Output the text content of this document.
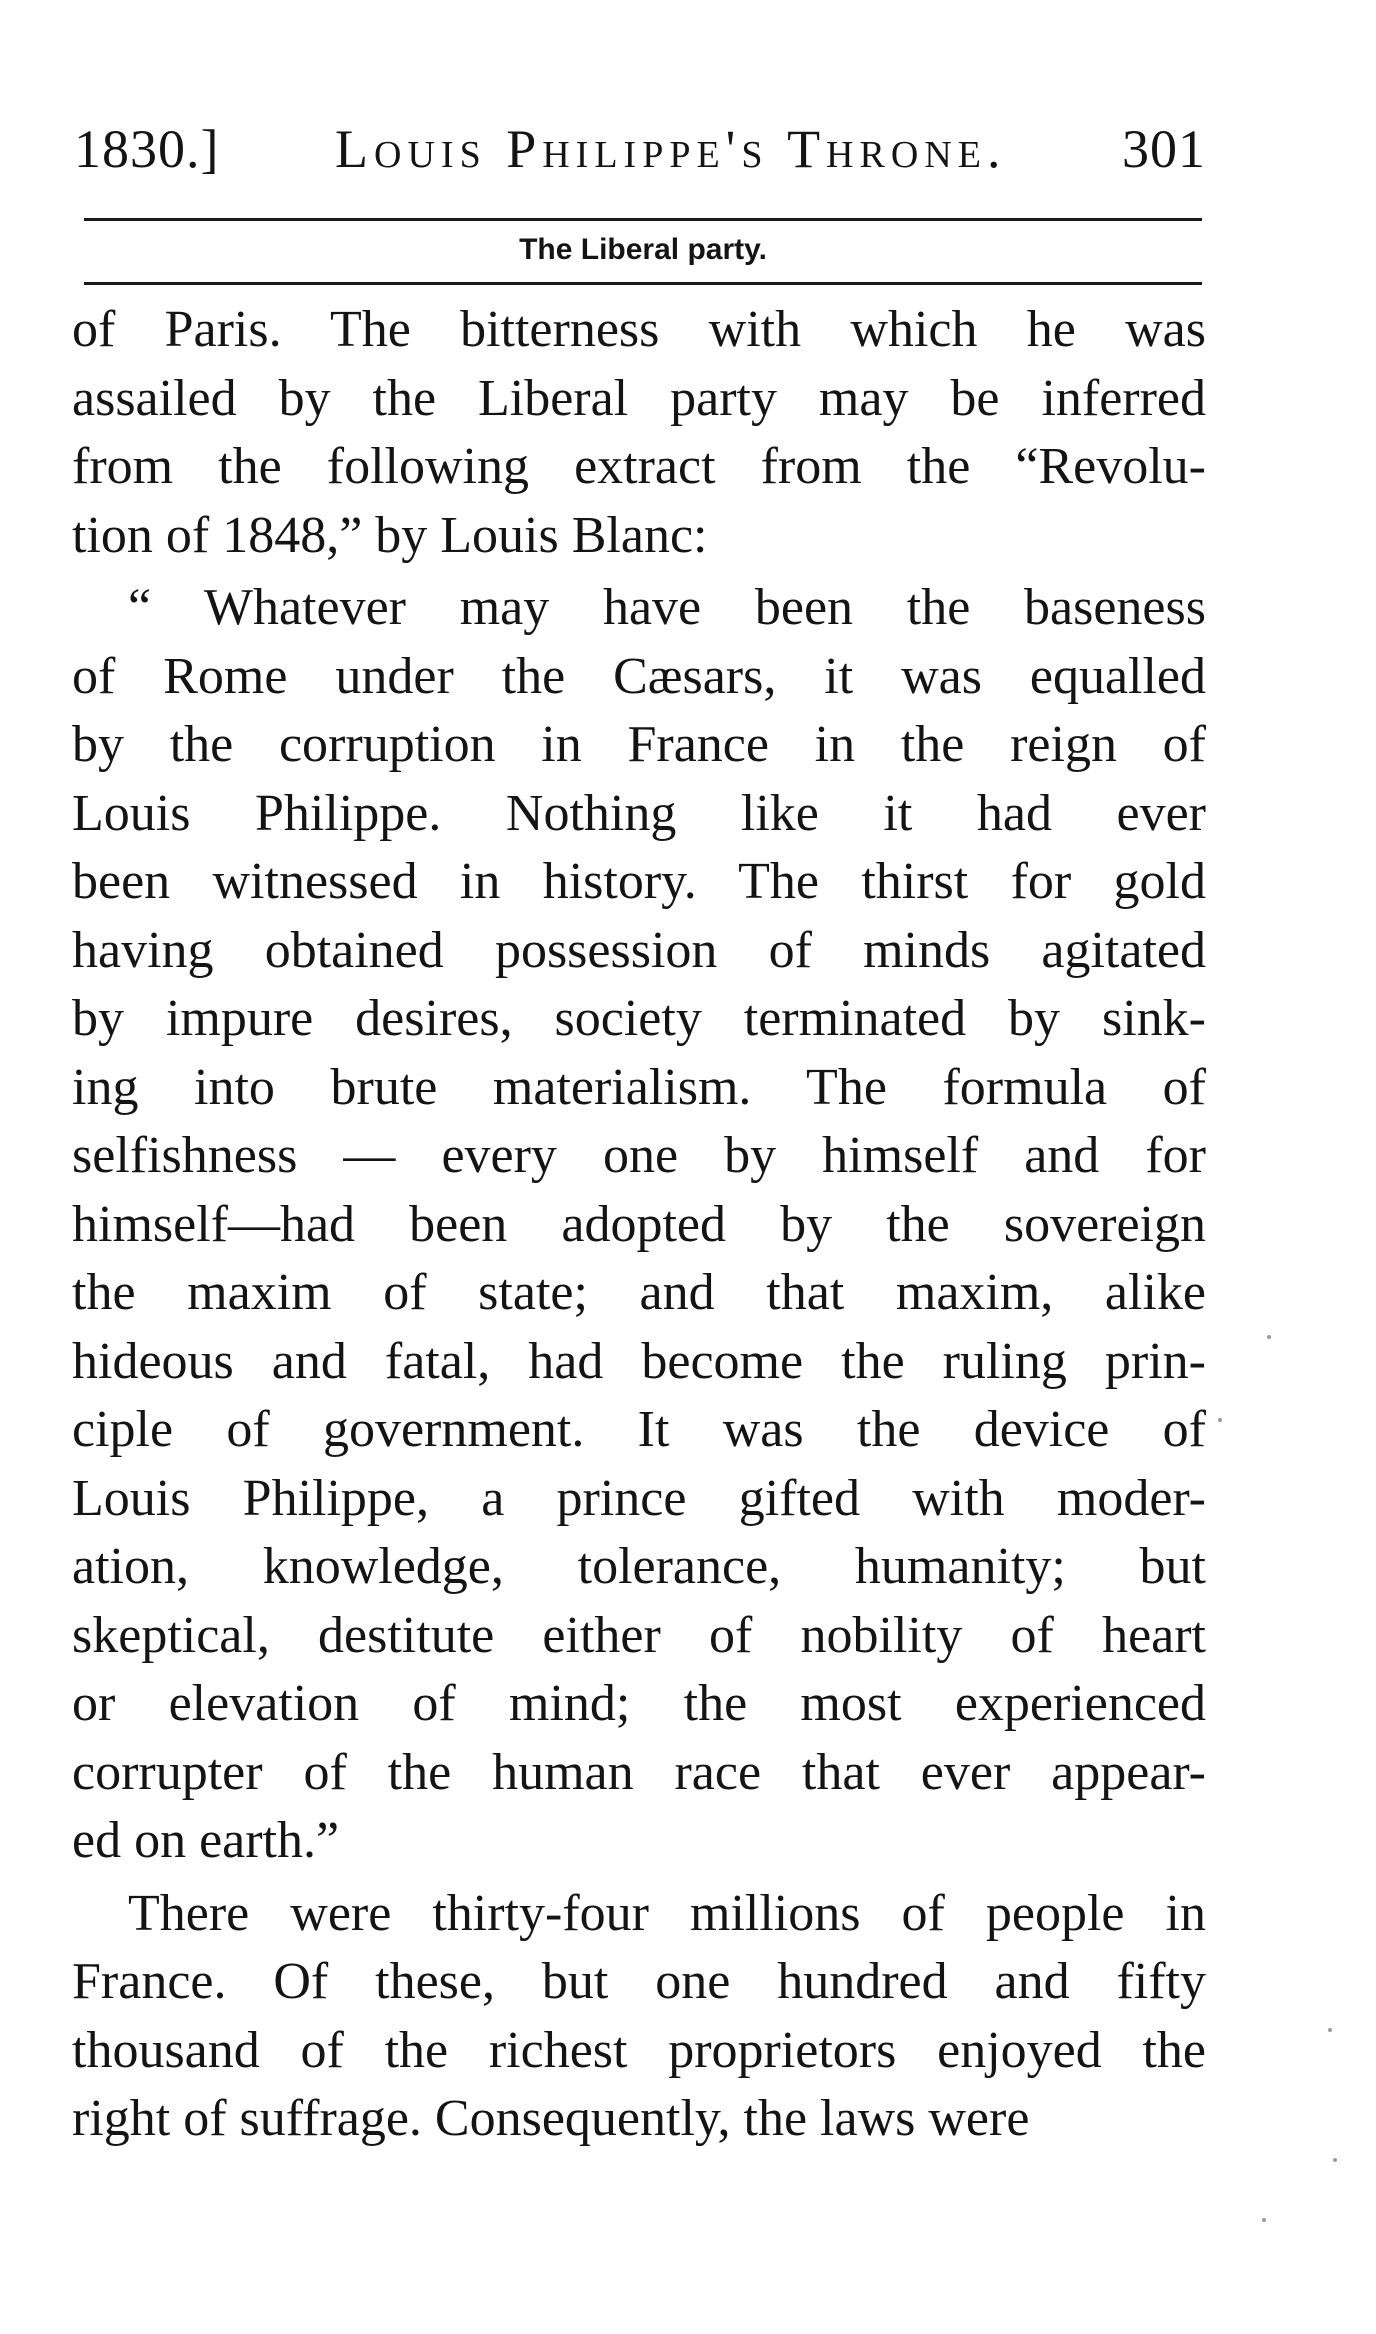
1830.] Louis Philippe's Throne. 301
The Liberal party.
of Paris. The bitterness with which he was
assailed by the Liberal party may be inferred
from the following extract from the “Revolu-
tion of 1848,” by Louis Blanc:
“ Whatever may have been the baseness
of Rome under the Cæsars, it was equalled
by the corruption in France in the reign of
Louis Philippe. Nothing like it had ever
been witnessed in history. The thirst for gold
having obtained possession of minds agitated
by impure desires, society terminated by sink-
ing into brute materialism. The formula of
selfishness — every one by himself and for
himself—had been adopted by the sovereign
the maxim of state; and that maxim, alike
hideous and fatal, had become the ruling prin-
ciple of government. It was the device of
Louis Philippe, a prince gifted with moder-
ation, knowledge, tolerance, humanity; but
skeptical, destitute either of nobility of heart
or elevation of mind; the most experienced
corrupter of the human race that ever appear-
ed on earth.”
There were thirty-four millions of people in
France. Of these, but one hundred and fifty
thousand of the richest proprietors enjoyed the
right of suffrage. Consequently, the laws were
